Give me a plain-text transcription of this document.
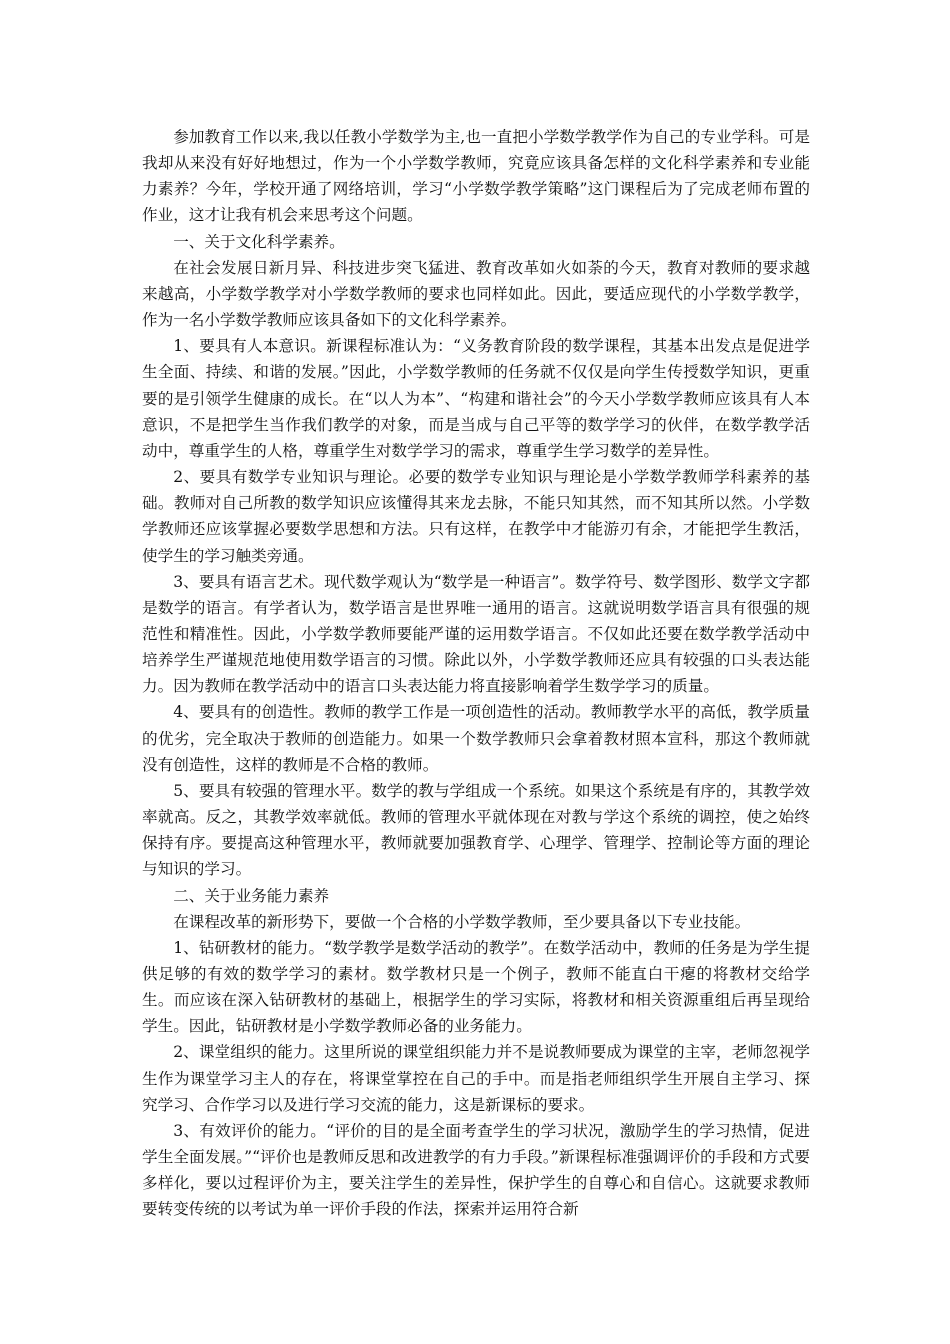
参加教育工作以来,我以任教小学数学为主,也一直把小学数学教学作为自己的专业学科。可是我却从来没有好好地想过，作为一个小学数学教师，究竟应该具备怎样的文化科学素养和专业能力素养？今年，学校开通了网络培训，学习“小学数学教学策略”这门课程后为了完成老师布置的作业，这才让我有机会来思考这个问题。

一、关于文化科学素养。

在社会发展日新月异、科技进步突飞猛进、教育改革如火如荼的今天，教育对教师的要求越来越高，小学数学教学对小学数学教师的要求也同样如此。因此，要适应现代的小学数学教学，作为一名小学数学教师应该具备如下的文化科学素养。

1、要具有人本意识。新课程标准认为：“义务教育阶段的数学课程，其基本出发点是促进学生全面、持续、和谐的发展。”因此，小学数学教师的任务就不仅仅是向学生传授数学知识，更重要的是引领学生健康的成长。在“以人为本”、“构建和谐社会”的今天小学数学教师应该具有人本意识，不是把学生当作我们教学的对象，而是当成与自己平等的数学学习的伙伴，在数学教学活动中，尊重学生的人格，尊重学生对数学学习的需求，尊重学生学习数学的差异性。

2、要具有数学专业知识与理论。必要的数学专业知识与理论是小学数学教师学科素养的基础。教师对自己所教的数学知识应该懂得其来龙去脉，不能只知其然，而不知其所以然。小学数学教师还应该掌握必要数学思想和方法。只有这样，在教学中才能游刃有余，才能把学生教活，使学生的学习触类旁通。

3、要具有语言艺术。现代数学观认为“数学是一种语言”。数学符号、数学图形、数学文字都是数学的语言。有学者认为，数学语言是世界唯一通用的语言。这就说明数学语言具有很强的规范性和精准性。因此，小学数学教师要能严谨的运用数学语言。不仅如此还要在数学教学活动中培养学生严谨规范地使用数学语言的习惯。除此以外，小学数学教师还应具有较强的口头表达能力。因为教师在教学活动中的语言口头表达能力将直接影响着学生数学学习的质量。

4、要具有的创造性。教师的教学工作是一项创造性的活动。教师教学水平的高低，教学质量的优劣，完全取决于教师的创造能力。如果一个数学教师只会拿着教材照本宣科，那这个教师就没有创造性，这样的教师是不合格的教师。

5、要具有较强的管理水平。数学的教与学组成一个系统。如果这个系统是有序的，其教学效率就高。反之，其教学效率就低。教师的管理水平就体现在对教与学这个系统的调控，使之始终保持有序。要提高这种管理水平，教师就要加强教育学、心理学、管理学、控制论等方面的理论与知识的学习。

二、关于业务能力素养

在课程改革的新形势下，要做一个合格的小学数学教师，至少要具备以下专业技能。

1、钻研教材的能力。“数学教学是数学活动的教学”。在数学活动中，教师的任务是为学生提供足够的有效的数学学习的素材。数学教材只是一个例子，教师不能直白干瘪的将教材交给学生。而应该在深入钻研教材的基础上，根据学生的学习实际，将教材和相关资源重组后再呈现给学生。因此，钻研教材是小学数学教师必备的业务能力。

2、课堂组织的能力。这里所说的课堂组织能力并不是说教师要成为课堂的主宰，老师忽视学生作为课堂学习主人的存在，将课堂掌控在自己的手中。而是指老师组织学生开展自主学习、探究学习、合作学习以及进行学习交流的能力，这是新课标的要求。

3、有效评价的能力。“评价的目的是全面考查学生的学习状况，激励学生的学习热情，促进学生全面发展。”“评价也是教师反思和改进教学的有力手段。”新课程标准强调评价的手段和方式要多样化，要以过程评价为主，要关注学生的差异性，保护学生的自尊心和自信心。这就要求教师要转变传统的以考试为单一评价手段的作法，探索并运用符合新
